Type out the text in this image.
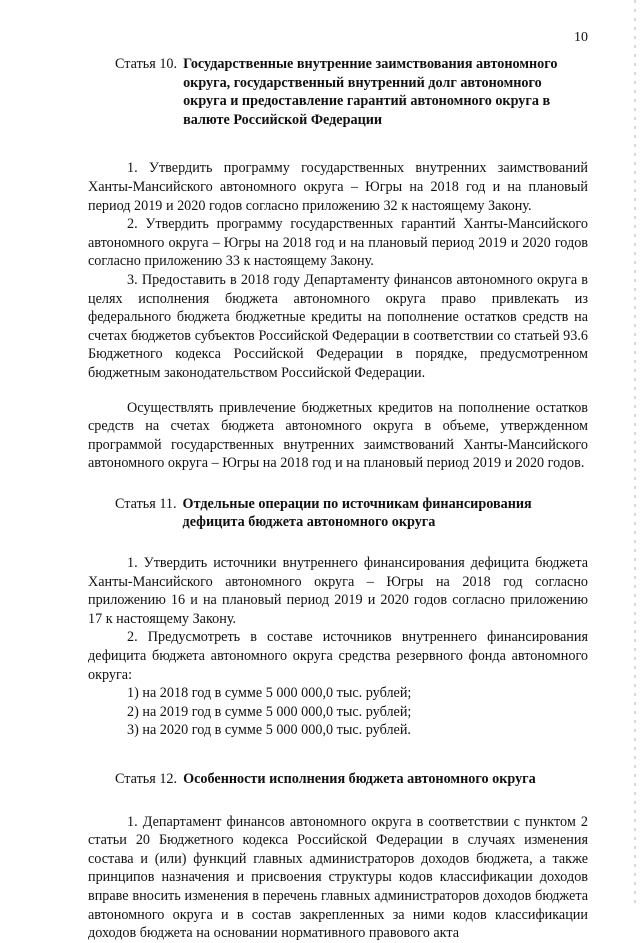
10
Статья 10. Государственные внутренние заимствования автономного округа, государственный внутренний долг автономного округа и предоставление гарантий автономного округа в валюте Российской Федерации

1. Утвердить программу государственных внутренних заимствований Ханты-Мансийского автономного округа – Югры на 2018 год и на плановый период 2019 и 2020 годов согласно приложению 32 к настоящему Закону.

2. Утвердить программу государственных гарантий Ханты-Мансийского автономного округа – Югры на 2018 год и на плановый период 2019 и 2020 годов согласно приложению 33 к настоящему Закону.

3. Предоставить в 2018 году Департаменту финансов автономного округа в целях исполнения бюджета автономного округа право привлекать из федерального бюджета бюджетные кредиты на пополнение остатков средств на счетах бюджетов субъектов Российской Федерации в соответствии со статьей 93.6 Бюджетного кодекса Российской Федерации в порядке, предусмотренном бюджетным законодательством Российской Федерации.

Осуществлять привлечение бюджетных кредитов на пополнение остатков средств на счетах бюджета автономного округа в объеме, утвержденном программой государственных внутренних заимствований Ханты-Мансийского автономного округа – Югры на 2018 год и на плановый период 2019 и 2020 годов.

Статья 11. Отдельные операции по источникам финансирования дефицита бюджета автономного округа

1. Утвердить источники внутреннего финансирования дефицита бюджета Ханты-Мансийского автономного округа – Югры на 2018 год согласно приложению 16 и на плановый период 2019 и 2020 годов согласно приложению 17 к настоящему Закону.

2. Предусмотреть в составе источников внутреннего финансирования дефицита бюджета автономного округа средства резервного фонда автономного округа:

1) на 2018 год в сумме 5 000 000,0 тыс. рублей;

2) на 2019 год в сумме 5 000 000,0 тыс. рублей;

3) на 2020 год в сумме 5 000 000,0 тыс. рублей.

Статья 12. Особенности исполнения бюджета автономного округа

1. Департамент финансов автономного округа в соответствии с пунктом 2 статьи 20 Бюджетного кодекса Российской Федерации в случаях изменения состава и (или) функций главных администраторов доходов бюджета, а также принципов назначения и присвоения структуры кодов классификации доходов вправе вносить изменения в перечень главных администраторов доходов бюджета автономного округа и в состав закрепленных за ними кодов классификации доходов бюджета на основании нормативного правового акта
